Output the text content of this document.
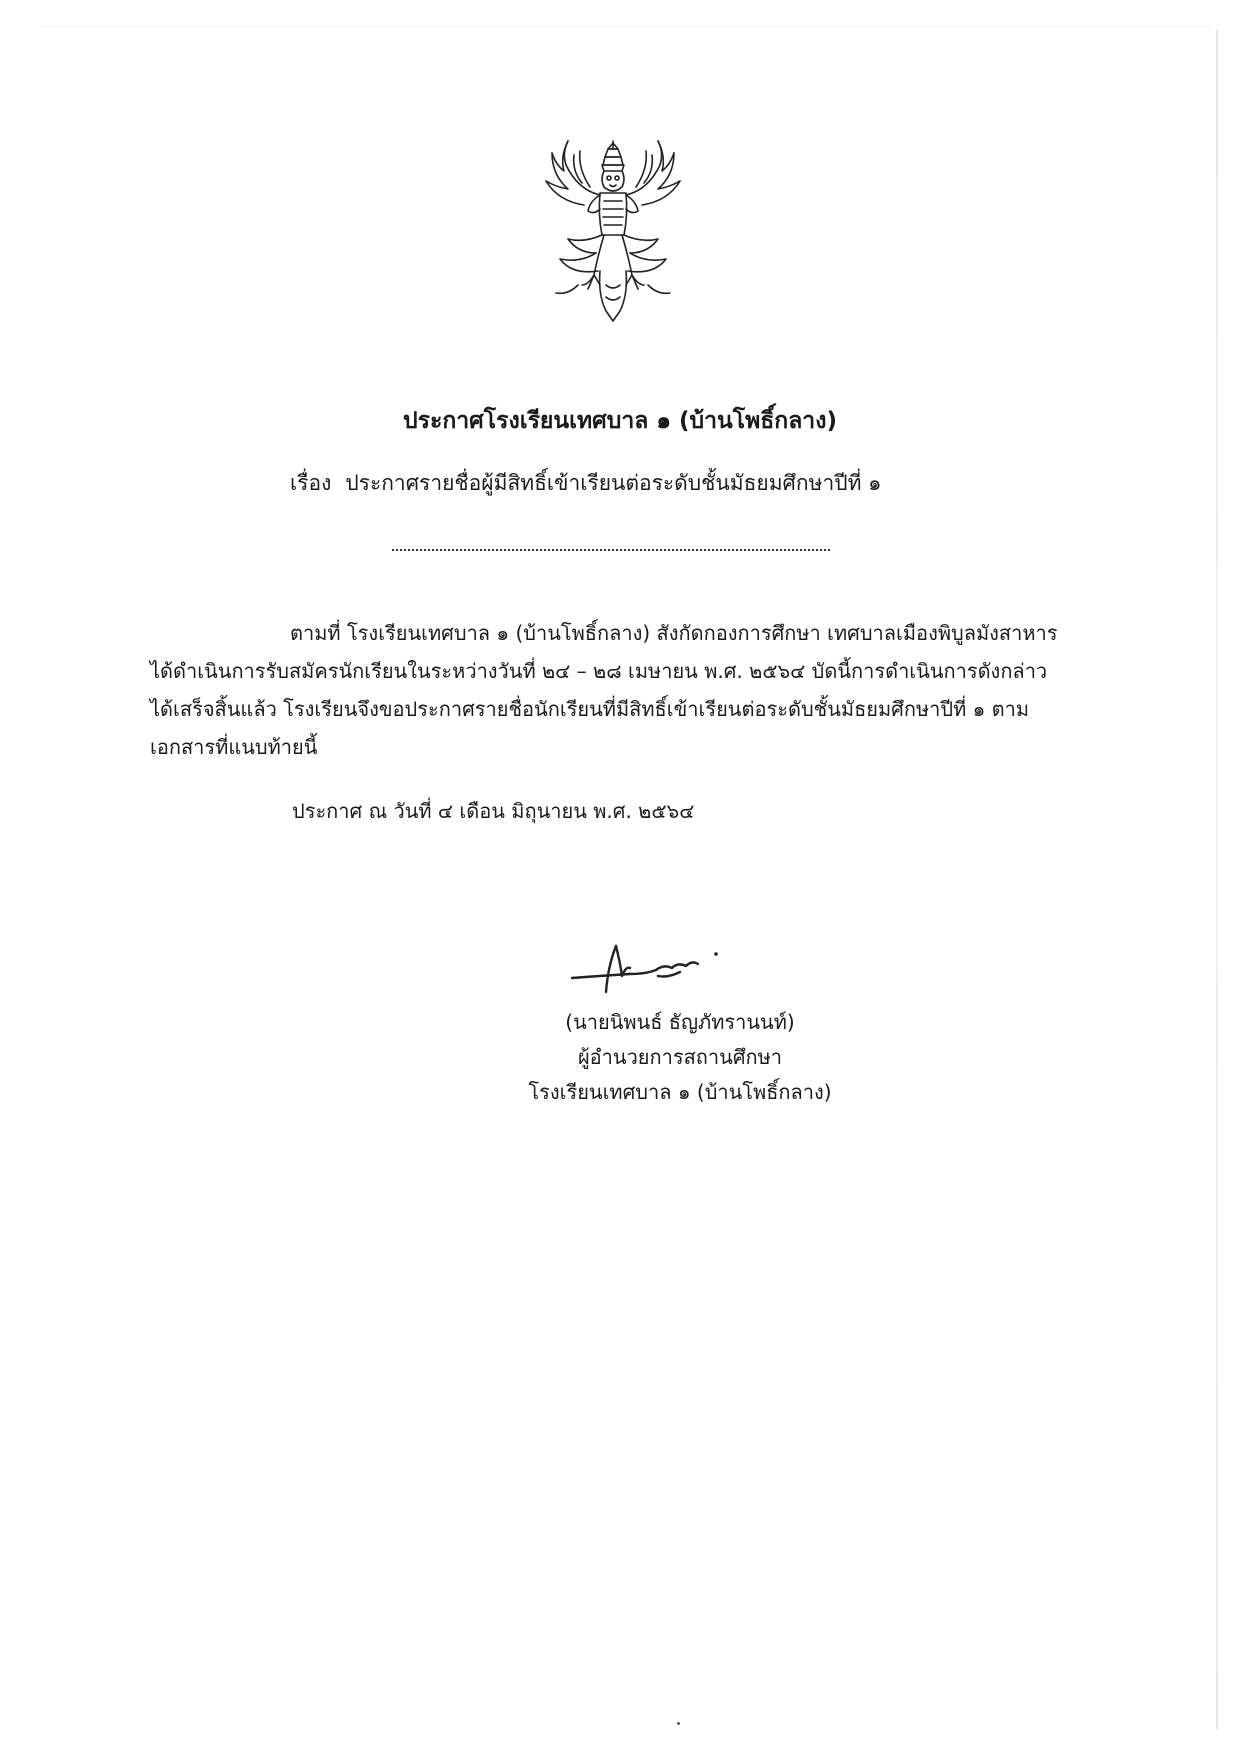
ประกาศโรงเรียนเทศบาล ๑ (บ้านโพธิ์กลาง)
เรื่อง ประกาศรายชื่อผู้มีสิทธิ์เข้าเรียนต่อระดับชั้นมัธยมศึกษาปีที่ ๑

ตามที่ โรงเรียนเทศบาล ๑ (บ้านโพธิ์กลาง) สังกัดกองการศึกษา เทศบาลเมืองพิบูลมังสาหาร ได้ดำเนินการรับสมัครนักเรียนในระหว่างวันที่ ๒๔ – ๒๘ เมษายน พ.ศ. ๒๕๖๔ บัดนี้การดำเนินการดังกล่าวได้เสร็จสิ้นแล้ว โรงเรียนจึงขอประกาศรายชื่อนักเรียนที่มีสิทธิ์เข้าเรียนต่อระดับชั้นมัธยมศึกษาปีที่ ๑ ตามเอกสารที่แนบท้ายนี้

ประกาศ ณ วันที่ ๔ เดือน มิถุนายน พ.ศ. ๒๕๖๔
(นายนิพนธ์ ธัญภัทรานนท์)
ผู้อำนวยการสถานศึกษา
โรงเรียนเทศบาล ๑ (บ้านโพธิ์กลาง)
